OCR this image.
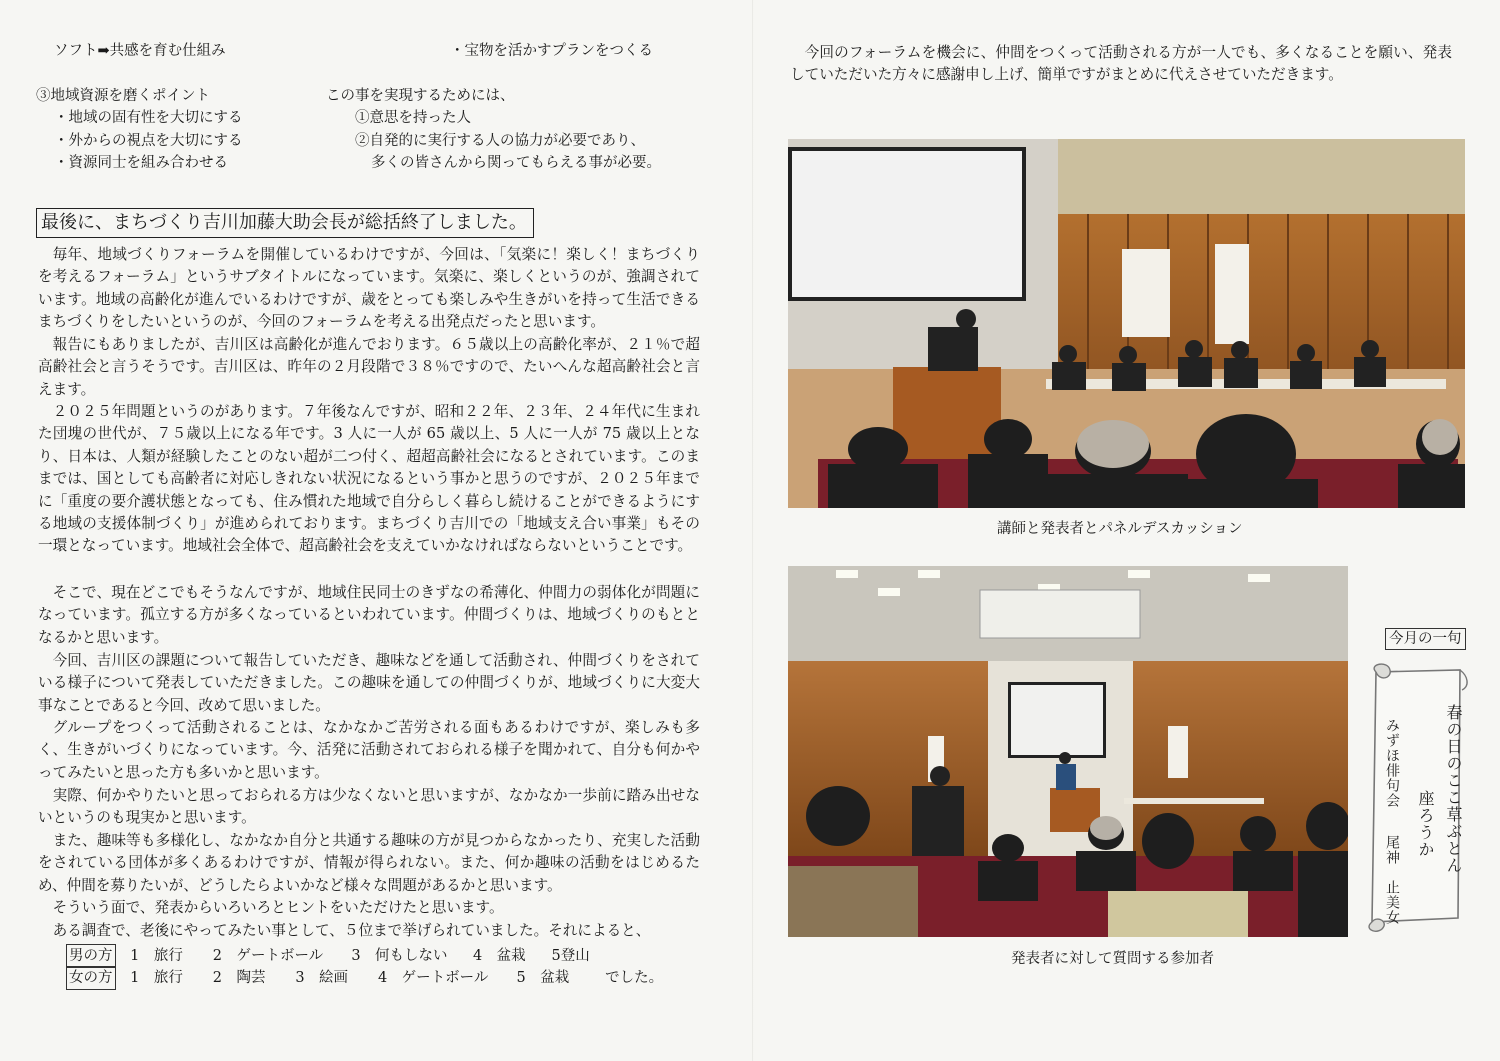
ソフト➡共感を育む仕組み	・宝物を活かすプランをつくる
③地域資源を磨くポイント
・地域の固有性を大切にする
・外からの視点を大切にする
・資源同士を組み合わせる
この事を実現するためには、
①意思を持った人
②自発的に実行する人の協力が必要であり、
多くの皆さんから関ってもらえる事が必要。
最後に、まちづくり吉川加藤大助会長が総括終了しました。

毎年、地域づくりフォーラムを開催しているわけですが、今回は、「気楽に！楽しく！まちづくりを考えるフォーラム」というサブタイトルになっています。気楽に、楽しくというのが、強調されています。地域の高齢化が進んでいるわけですが、歳をとっても楽しみや生きがいを持って生活できるまちづくりをしたいというのが、今回のフォーラムを考える出発点だったと思います。

報告にもありましたが、吉川区は高齢化が進んでおります。６５歳以上の高齢化率が、２１％で超高齢社会と言うそうです。吉川区は、昨年の２月段階で３８％ですので、たいへんな超高齢社会と言えます。

２０２５年問題というのがあります。７年後なんですが、昭和２２年、２３年、２４年代に生まれた団塊の世代が、７５歳以上になる年です。3 人に一人が 65 歳以上、5 人に一人が 75 歳以上となり、日本は、人類が経験したことのない超が二つ付く、超超高齢社会になるとされています。このままでは、国としても高齢者に対応しきれない状況になるという事かと思うのですが、２０２５年までに「重度の要介護状態となっても、住み慣れた地域で自分らしく暮らし続けることができるようにする地域の支援体制づくり」が進められております。まちづくり吉川での「地域支え合い事業」もその一環となっています。地域社会全体で、超高齢社会を支えていかなければならないということです。

そこで、現在どこでもそうなんですが、地域住民同士のきずなの希薄化、仲間力の弱体化が問題になっています。孤立する方が多くなっているといわれています。仲間づくりは、地域づくりのもととなるかと思います。

今回、吉川区の課題について報告していただき、趣味などを通して活動され、仲間づくりをされている様子について発表していただきました。この趣味を通しての仲間づくりが、地域づくりに大変大事なことであると今回、改めて思いました。

グループをつくって活動されることは、なかなかご苦労される面もあるわけですが、楽しみも多く、生きがいづくりになっています。今、活発に活動されておられる様子を聞かれて、自分も何かやってみたいと思った方も多いかと思います。

実際、何かやりたいと思っておられる方は少なくないと思いますが、なかなか一歩前に踏み出せないというのも現実かと思います。

また、趣味等も多様化し、なかなか自分と共通する趣味の方が見つからなかったり、充実した活動をされている団体が多くあるわけですが、情報が得られない。また、何か趣味の活動をはじめるため、仲間を募りたいが、どうしたらよいかなど様々な問題があるかと思います。

そういう面で、発表からいろいろとヒントをいただけたと思います。

ある調査で、老後にやってみたい事として、５位まで挙げられていました。それによると、

男の方 1　旅行 2　ゲートボール 3　何もしない 4　盆栽 5登山
女の方 1　旅行 2　陶芸 3　絵画 4　ゲートボール 5　盆栽 でした。

今回のフォーラムを機会に、仲間をつくって活動される方が一人でも、多くなることを願い、発表していただいた方々に感謝申し上げ、簡単ですがまとめに代えさせていただきます。

講師と発表者とパネルデスカッション
発表者に対して質問する参加者
今月の一句
春の日のここ草ぶとん
座ろうか
みずほ俳句会
尾神　止美女
